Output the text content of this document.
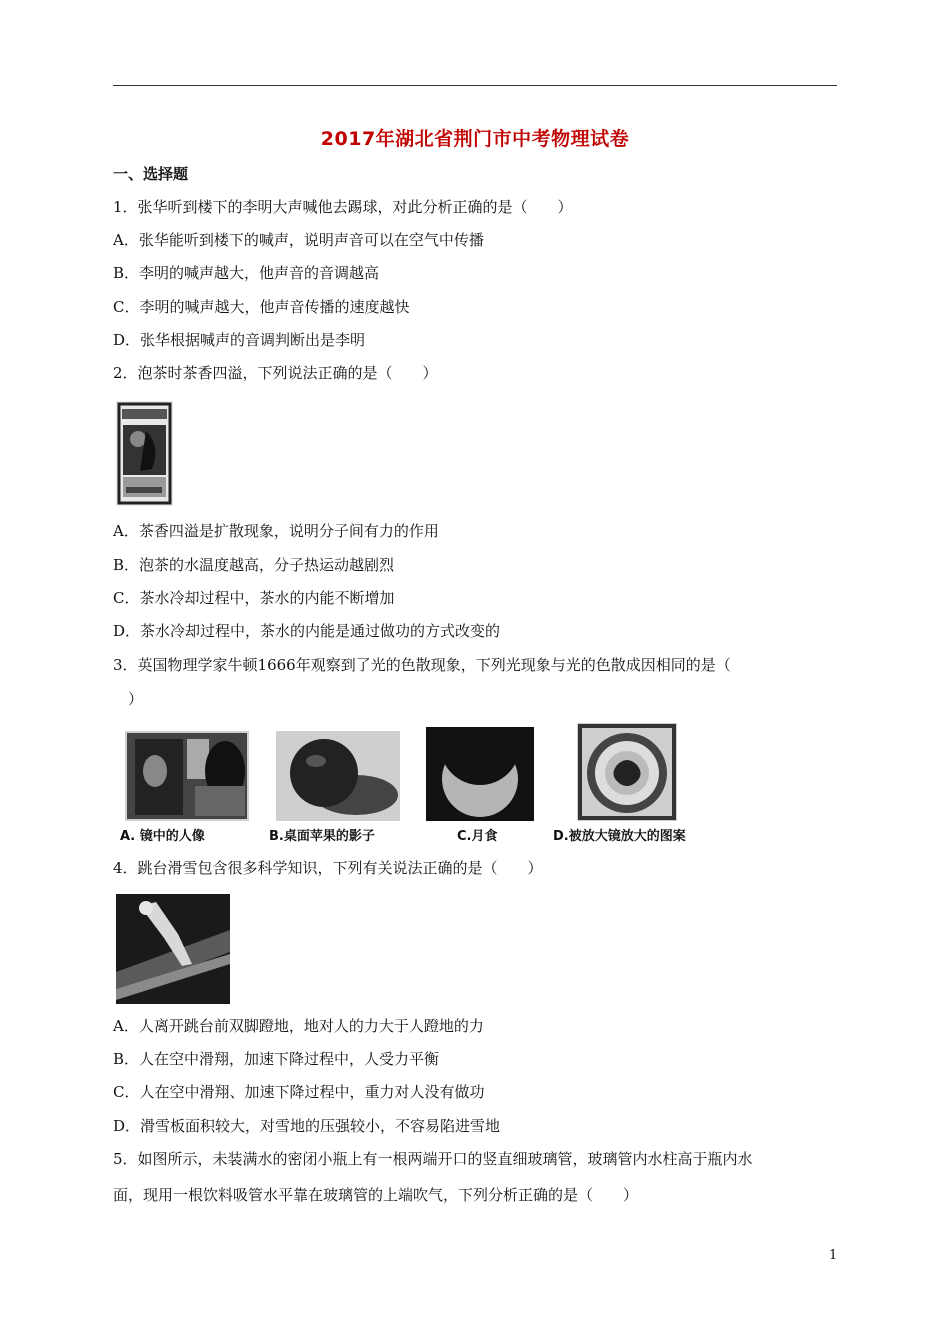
2017年湖北省荆门市中考物理试卷
一、选择题
1．张华听到楼下的李明大声喊他去踢球，对此分析正确的是（　　）
A．张华能听到楼下的喊声，说明声音可以在空气中传播
B．李明的喊声越大，他声音的音调越高
C．李明的喊声越大，他声音传播的速度越快
D．张华根据喊声的音调判断出是李明
2．泡茶时茶香四溢，下列说法正确的是（　　）
A．茶香四溢是扩散现象，说明分子间有力的作用
B．泡茶的水温度越高，分子热运动越剧烈
C．茶水冷却过程中，茶水的内能不断增加
D．茶水冷却过程中，茶水的内能是通过做功的方式改变的
3．英国物理学家牛顿1666年观察到了光的色散现象，下列光现象与光的色散成因相同的是（
）
A. 镜中的人像	B.桌面苹果的影子	C.月食	D.被放大镜放大的图案
4．跳台滑雪包含很多科学知识，下列有关说法正确的是（　　）
A．人离开跳台前双脚蹬地，地对人的力大于人蹬地的力
B．人在空中滑翔，加速下降过程中，人受力平衡
C．人在空中滑翔、加速下降过程中，重力对人没有做功
D．滑雪板面积较大，对雪地的压强较小，不容易陷进雪地
5．如图所示，未装满水的密闭小瓶上有一根两端开口的竖直细玻璃管，玻璃管内水柱高于瓶内水
面，现用一根饮料吸管水平靠在玻璃管的上端吹气，下列分析正确的是（　　）
1
